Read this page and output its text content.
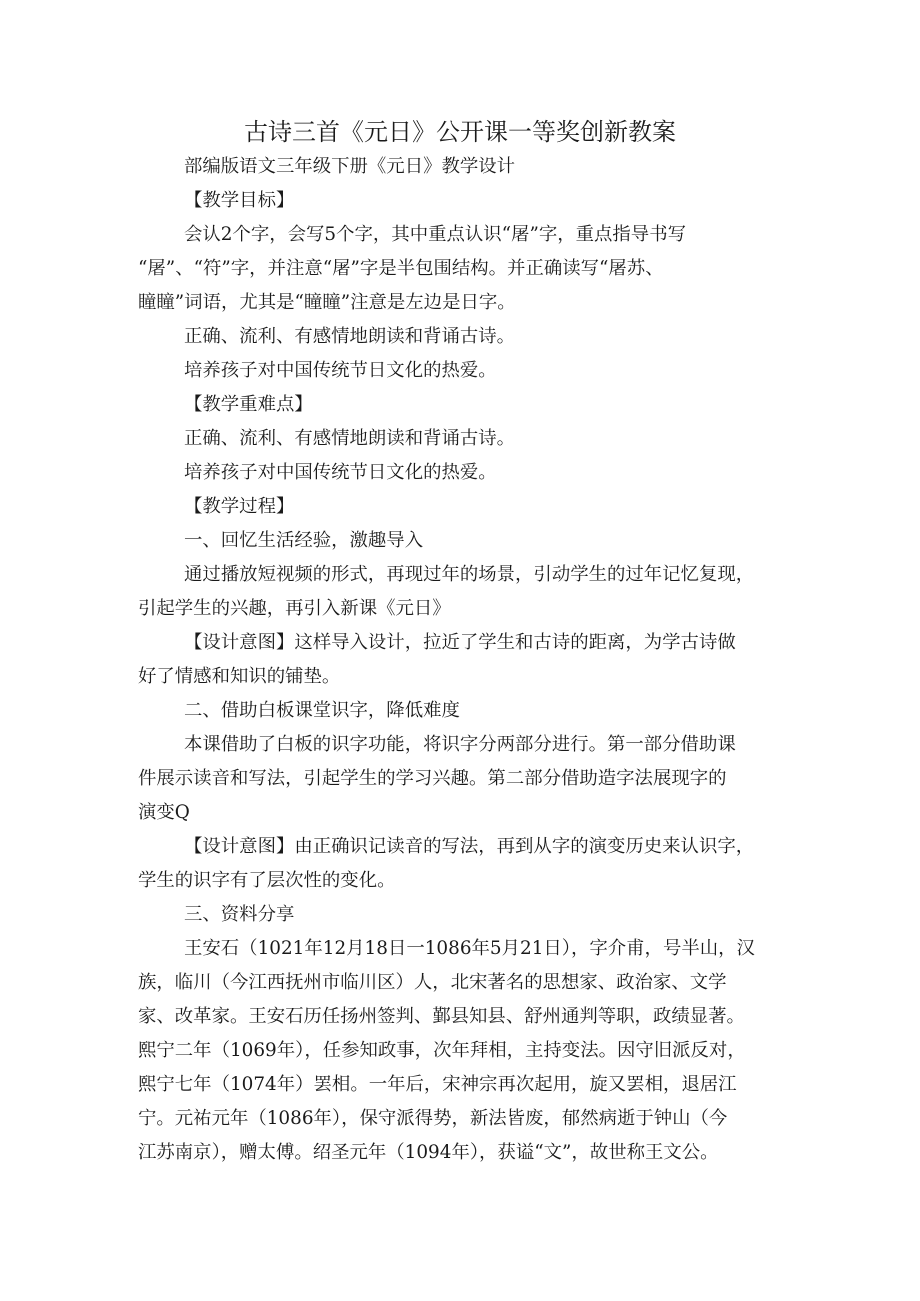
古诗三首《元日》公开课一等奖创新教案

部编版语文三年级下册《元日》教学设计

【教学目标】

会认2个字，会写5个字，其中重点认识“屠”字，重点指导书写
“屠”、“符”字，并注意“屠”字是半包围结构。并正确读写“屠苏、
瞳瞳”词语，尤其是“瞳瞳”注意是左边是日字。

正确、流利、有感情地朗读和背诵古诗。

培养孩子对中国传统节日文化的热爱。

【教学重难点】

正确、流利、有感情地朗读和背诵古诗。

培养孩子对中国传统节日文化的热爱。

【教学过程】

一、回忆生活经验，激趣导入

通过播放短视频的形式，再现过年的场景，引动学生的过年记忆复现，
引起学生的兴趣，再引入新课《元日》

【设计意图】这样导入设计，拉近了学生和古诗的距离，为学古诗做
好了情感和知识的铺垫。

二、借助白板课堂识字，降低难度

本课借助了白板的识字功能，将识字分两部分进行。第一部分借助课
件展示读音和写法，引起学生的学习兴趣。第二部分借助造字法展现字的
演变Q

【设计意图】由正确识记读音的写法，再到从字的演变历史来认识字，
学生的识字有了层次性的变化。

三、资料分享

王安石（1021年12月18日一1086年5月21日），字介甫，号半山，汉
族，临川（今江西抚州市临川区）人，北宋著名的思想家、政治家、文学
家、改革家。王安石历任扬州签判、鄞县知县、舒州通判等职，政绩显著。
熙宁二年（1069年），任参知政事，次年拜相，主持变法。因守旧派反对，
熙宁七年（1074年）罢相。一年后，宋神宗再次起用，旋又罢相，退居江
宁。元祐元年（1086年），保守派得势，新法皆废，郁然病逝于钟山（今
江苏南京），赠太傅。绍圣元年（1094年），获谥“文”，故世称王文公。
